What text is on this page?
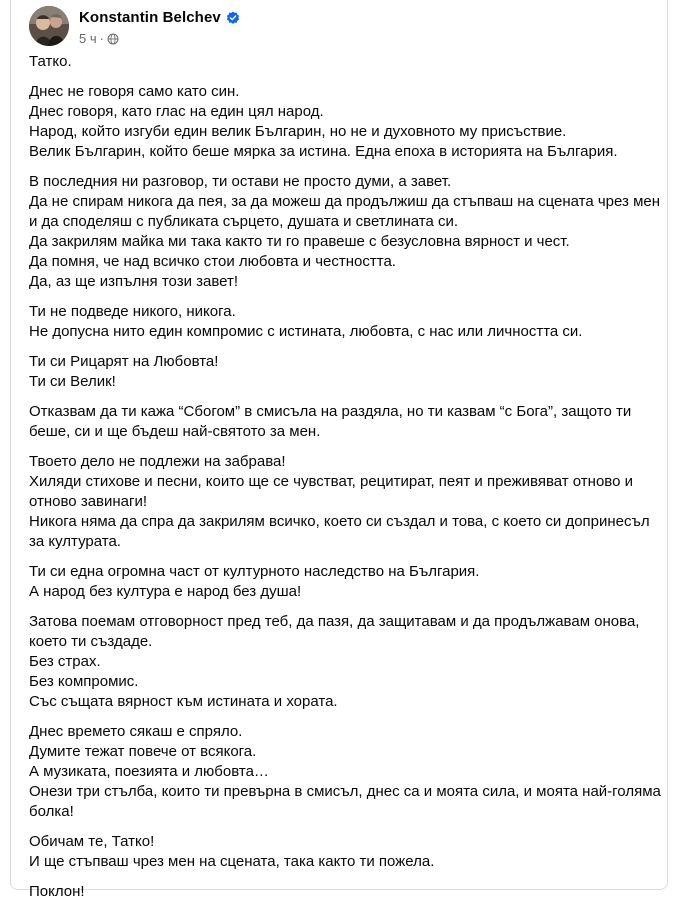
Konstantin Belchev
5 ч ·

Татко.

Днес не говоря само като син.
Днес говоря, като глас на един цял народ.
Народ, който изгуби един велик Българин, но не и духовното му присъствие.
Велик Българин, който беше мярка за истина. Една епоха в историята на България.

В последния ни разговор, ти остави не просто думи, а завет.
Да не спирам никога да пея, за да можеш да продължиш да стъпваш на сцената чрез мен
и да споделяш с публиката сърцето, душата и светлината си.
Да закрилям майка ми така както ти го правеше с безусловна вярност и чест.
Да помня, че над всичко стои любовта и честността.
Да, аз ще изпълня този завет!

Ти не подведе никого, никога.
Не допусна нито един компромис с истината, любовта, с нас или личността си.

Ти си Рицарят на Любовта!
Ти си Велик!

Отказвам да ти кажа “Сбогом” в смисъла на раздяла, но ти казвам “с Бога”, защото ти
беше, си и ще бъдеш най-святото за мен.

Твоето дело не подлежи на забрава!
Хиляди стихове и песни, които ще се чувстват, рецитират, пеят и преживяват отново и
отново завинаги!
Никога няма да спра да закрилям всичко, което си създал и това, с което си допринесъл
за културата.

Ти си една огромна част от културното наследство на България.
А народ без култура е народ без душа!

Затова поемам отговорност пред теб, да пазя, да защитавам и да продължавам онова,
което ти създаде.
Без страх.
Без компромис.
Със същата вярност към истината и хората.

Днес времето сякаш е спряло.
Думите тежат повече от всякога.
А музиката, поезията и любовта…
Онези три стълба, които ти превърна в смисъл, днес са и моята сила, и моята най-голяма
болка!

Обичам те, Татко!
И ще стъпваш чрез мен на сцената, така както ти пожела.

Поклон!
